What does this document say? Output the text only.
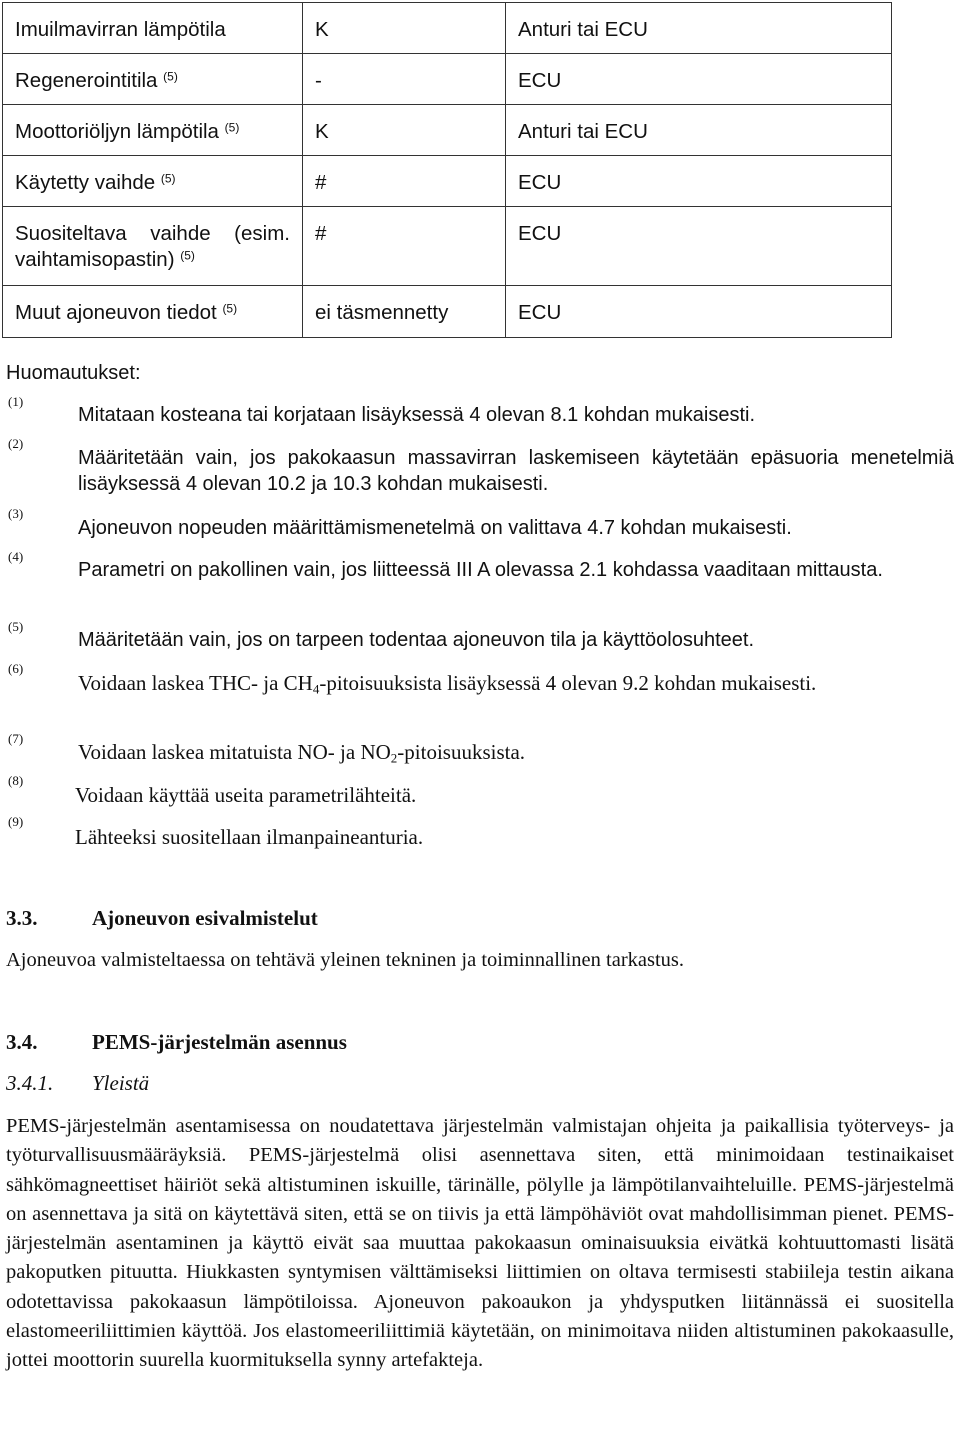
Imuilmavirran lämpötila	K	Anturi tai ECU
Regenerointitila $^{(5)}$	-	ECU
Moottoriöljyn lämpötila $^{(5)}$	K	Anturi tai ECU
Käytetty vaihde $^{(5)}$	#	ECU

Suositeltava vaihde (esim.
vaihtamisopastin) $^{(5)}$	#	ECU
Muut ajoneuvon tiedot $^{(5)}$	ei täsmennetty	ECU
Huomautukset:
(1)
Mitataan kosteana tai korjataan lisäyksessä 4 olevan 8.1 kohdan mukaisesti.
(2)
Määritetään vain, jos pakokaasun massavirran laskemiseen käytetään epäsuoria menetelmiä lisäyksessä 4 olevan 10.2 ja 10.3 kohdan mukaisesti.
(3)
Ajoneuvon nopeuden määrittämismenetelmä on valittava 4.7 kohdan mukaisesti.
(4)
Parametri on pakollinen vain, jos liitteessä III A olevassa 2.1 kohdassa vaaditaan mittausta.
(5)
Määritetään vain, jos on tarpeen todentaa ajoneuvon tila ja käyttöolosuhteet.
(6)
Voidaan laskea THC- ja $CH_4$-pitoisuuksista lisäyksessä 4 olevan 9.2 kohdan mukaisesti.
(7)
Voidaan laskea mitatuista NO- ja $NO_2$-pitoisuuksista.
(8)
Voidaan käyttää useita parametrilähteitä.
(9)
Lähteeksi suositellaan ilmanpaineanturia.
3.3.	Ajoneuvon esivalmistelut
Ajoneuvoa valmisteltaessa on tehtävä yleinen tekninen ja toiminnallinen tarkastus.
3.4.	PEMS-järjestelmän asennus
3.4.1. Yleistä
PEMS-järjestelmän asentamisessa on noudatettava järjestelmän valmistajan ohjeita ja paikallisia työterveys- ja työturvallisuusmääräyksiä. PEMS-järjestelmä olisi asennettava siten, että minimoidaan testinaikaiset sähkömagneettiset häiriöt sekä altistuminen iskuille, tärinälle, pölylle ja lämpötilanvaihteluille. PEMS-järjestelmä on asennettava ja sitä on käytettävä siten, että se on tiivis ja että lämpöhäviöt ovat mahdollisimman pienet. PEMS-järjestelmän asentaminen ja käyttö eivät saa muuttaa pakokaasun ominaisuuksia eivätkä kohtuuttomasti lisätä pakoputken pituutta. Hiukkasten syntymisen välttämiseksi liittimien on oltava termisesti stabiileja testin aikana odotettavissa pakokaasun lämpötiloissa. Ajoneuvon pakoaukon ja yhdysputken liitännässä ei suositella elastomeeriliittimien käyttöä. Jos elastomeeriliittimiä käytetään, on minimoitava niiden altistuminen pakokaasulle, jottei moottorin suurella kuormituksella synny artefakteja.
